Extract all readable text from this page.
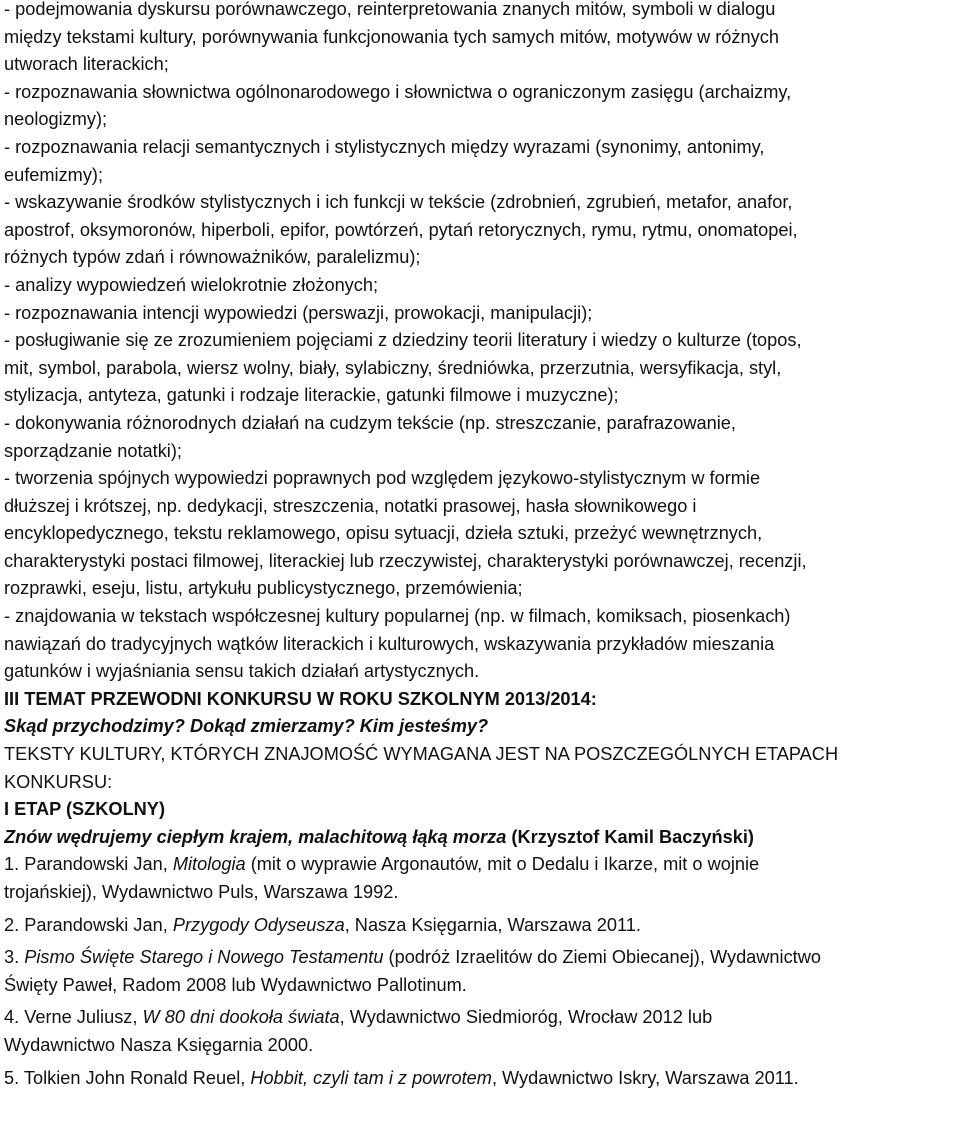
- podejmowania dyskursu porównawczego, reinterpretowania znanych mitów, symboli w dialogu
między tekstami kultury, porównywania funkcjonowania tych samych mitów, motywów w różnych
utworach literackich;
- rozpoznawania słownictwa ogólnonarodowego i słownictwa o ograniczonym zasięgu (archaizmy,
neologizmy);
- rozpoznawania relacji semantycznych i stylistycznych między wyrazami (synonimy, antonimy,
eufemizmy);
- wskazywanie środków stylistycznych i ich funkcji w tekście (zdrobnień, zgrubień, metafor, anafor,
apostrof, oksymoronów, hiperboli, epifor, powtórzeń, pytań retorycznych, rymu, rytmu, onomatopei,
różnych typów zdań i równoważników, paralelizmu);
- analizy wypowiedzeń wielokrotnie złożonych;
- rozpoznawania intencji wypowiedzi (perswazji, prowokacji, manipulacji);
- posługiwanie się ze zrozumieniem pojęciami z dziedziny teorii literatury i wiedzy o kulturze (topos,
mit, symbol, parabola, wiersz wolny, biały, sylabiczny, średniówka, przerzutnia, wersyfikacja, styl,
stylizacja, antyteza, gatunki i rodzaje literackie, gatunki filmowe i muzyczne);
- dokonywania różnorodnych działań na cudzym tekście (np. streszczanie, parafrazowanie,
sporządzanie notatki);
- tworzenia spójnych wypowiedzi poprawnych pod względem językowo-stylistycznym w formie
dłuższej i krótszej, np. dedykacji, streszczenia, notatki prasowej, hasła słownikowego i
encyklopedycznego, tekstu reklamowego, opisu sytuacji, dzieła sztuki, przeżyć wewnętrznych,
charakterystyki postaci filmowej, literackiej lub rzeczywistej, charakterystyki porównawczej, recenzji,
rozprawki, eseju, listu, artykułu publicystycznego, przemówienia;
- znajdowania w tekstach współczesnej kultury popularnej (np. w filmach, komiksach, piosenkach)
nawiązań do tradycyjnych wątków literackich i kulturowych, wskazywania przykładów mieszania
gatunków i wyjaśniania sensu takich działań artystycznych.
III TEMAT PRZEWODNI KONKURSU W ROKU SZKOLNYM 2013/2014:
Skąd przychodzimy? Dokąd zmierzamy? Kim jesteśmy?
TEKSTY KULTURY, KTÓRYCH ZNAJOMOŚĆ WYMAGANA JEST NA POSZCZEGÓLNYCH ETAPACH
KONKURSU:
I ETAP (SZKOLNY)
Znów wędrujemy ciepłym krajem, malachitową łąką morza (Krzysztof Kamil Baczyński)
1. Parandowski Jan, Mitologia (mit o wyprawie Argonautów, mit o Dedalu i Ikarze, mit o wojnie
trojańskiej), Wydawnictwo Puls, Warszawa 1992.
2. Parandowski Jan, Przygody Odyseusza, Nasza Księgarnia, Warszawa 2011.
3. Pismo Święte Starego i Nowego Testamentu (podróż Izraelitów do Ziemi Obiecanej), Wydawnictwo
Święty Paweł, Radom 2008 lub Wydawnictwo Pallotinum.
4. Verne Juliusz, W 80 dni dookoła świata, Wydawnictwo Siedmioróg, Wrocław 2012 lub
Wydawnictwo Nasza Księgarnia 2000.
5. Tolkien John Ronald Reuel, Hobbit, czyli tam i z powrotem, Wydawnictwo Iskry, Warszawa 2011.
